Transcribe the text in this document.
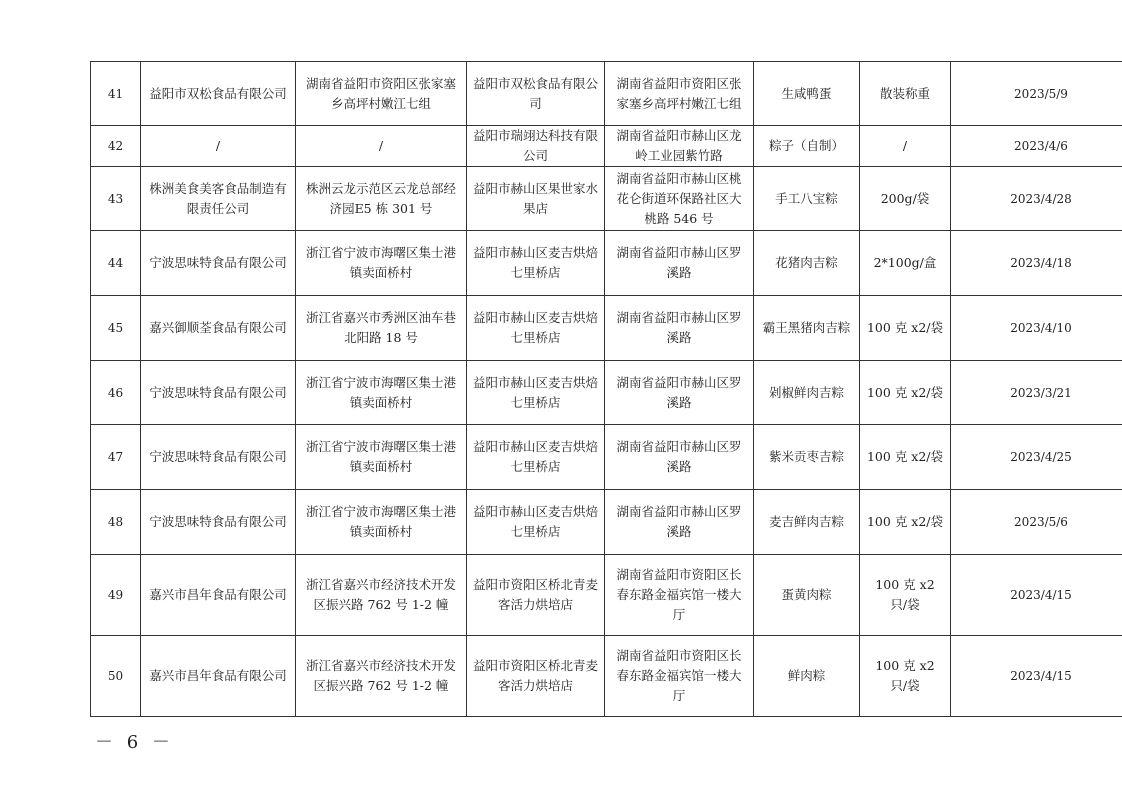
41	益阳市双松食品有限公司	湖南省益阳市资阳区张家塞乡高坪村嫩江七组	益阳市双松食品有限公司	湖南省益阳市资阳区张家塞乡高坪村嫩江七组	生咸鸭蛋	散装称重	2023/5/9
42	/	/	益阳市瑞翊达科技有限公司	湖南省益阳市赫山区龙岭工业园紫竹路	粽子（自制）	/	2023/4/6
43	株洲美食美客食品制造有限责任公司	株洲云龙示范区云龙总部经济园E5 栋 301 号	益阳市赫山区果世家水果店	湖南省益阳市赫山区桃花仑街道环保路社区大桃路 546 号	手工八宝粽	200g/袋	2023/4/28
44	宁波思味特食品有限公司	浙江省宁波市海曙区集士港镇卖面桥村	益阳市赫山区麦吉烘焙七里桥店	湖南省益阳市赫山区罗溪路	花猪肉吉粽	2*100g/盒	2023/4/18
45	嘉兴御顺荃食品有限公司	浙江省嘉兴市秀洲区油车巷北阳路 18 号	益阳市赫山区麦吉烘焙七里桥店	湖南省益阳市赫山区罗溪路	霸王黑猪肉吉粽	100 克 x2/袋	2023/4/10
46	宁波思味特食品有限公司	浙江省宁波市海曙区集士港镇卖面桥村	益阳市赫山区麦吉烘焙七里桥店	湖南省益阳市赫山区罗溪路	剁椒鲜肉吉粽	100 克 x2/袋	2023/3/21
47	宁波思味特食品有限公司	浙江省宁波市海曙区集士港镇卖面桥村	益阳市赫山区麦吉烘焙七里桥店	湖南省益阳市赫山区罗溪路	紫米贡枣吉粽	100 克 x2/袋	2023/4/25
48	宁波思味特食品有限公司	浙江省宁波市海曙区集士港镇卖面桥村	益阳市赫山区麦吉烘焙七里桥店	湖南省益阳市赫山区罗溪路	麦吉鲜肉吉粽	100 克 x2/袋	2023/5/6
49	嘉兴市昌年食品有限公司	浙江省嘉兴市经济技术开发区振兴路 762 号 1-2 幢	益阳市资阳区桥北青麦客活力烘培店	湖南省益阳市资阳区长春东路金福宾馆一楼大厅	蛋黄肉粽	100 克 x2 只/袋	2023/4/15
50	嘉兴市昌年食品有限公司	浙江省嘉兴市经济技术开发区振兴路 762 号 1-2 幢	益阳市资阳区桥北青麦客活力烘培店	湖南省益阳市资阳区长春东路金福宾馆一楼大厅	鲜肉粽	100 克 x2 只/袋	2023/4/15
－ 6 －
